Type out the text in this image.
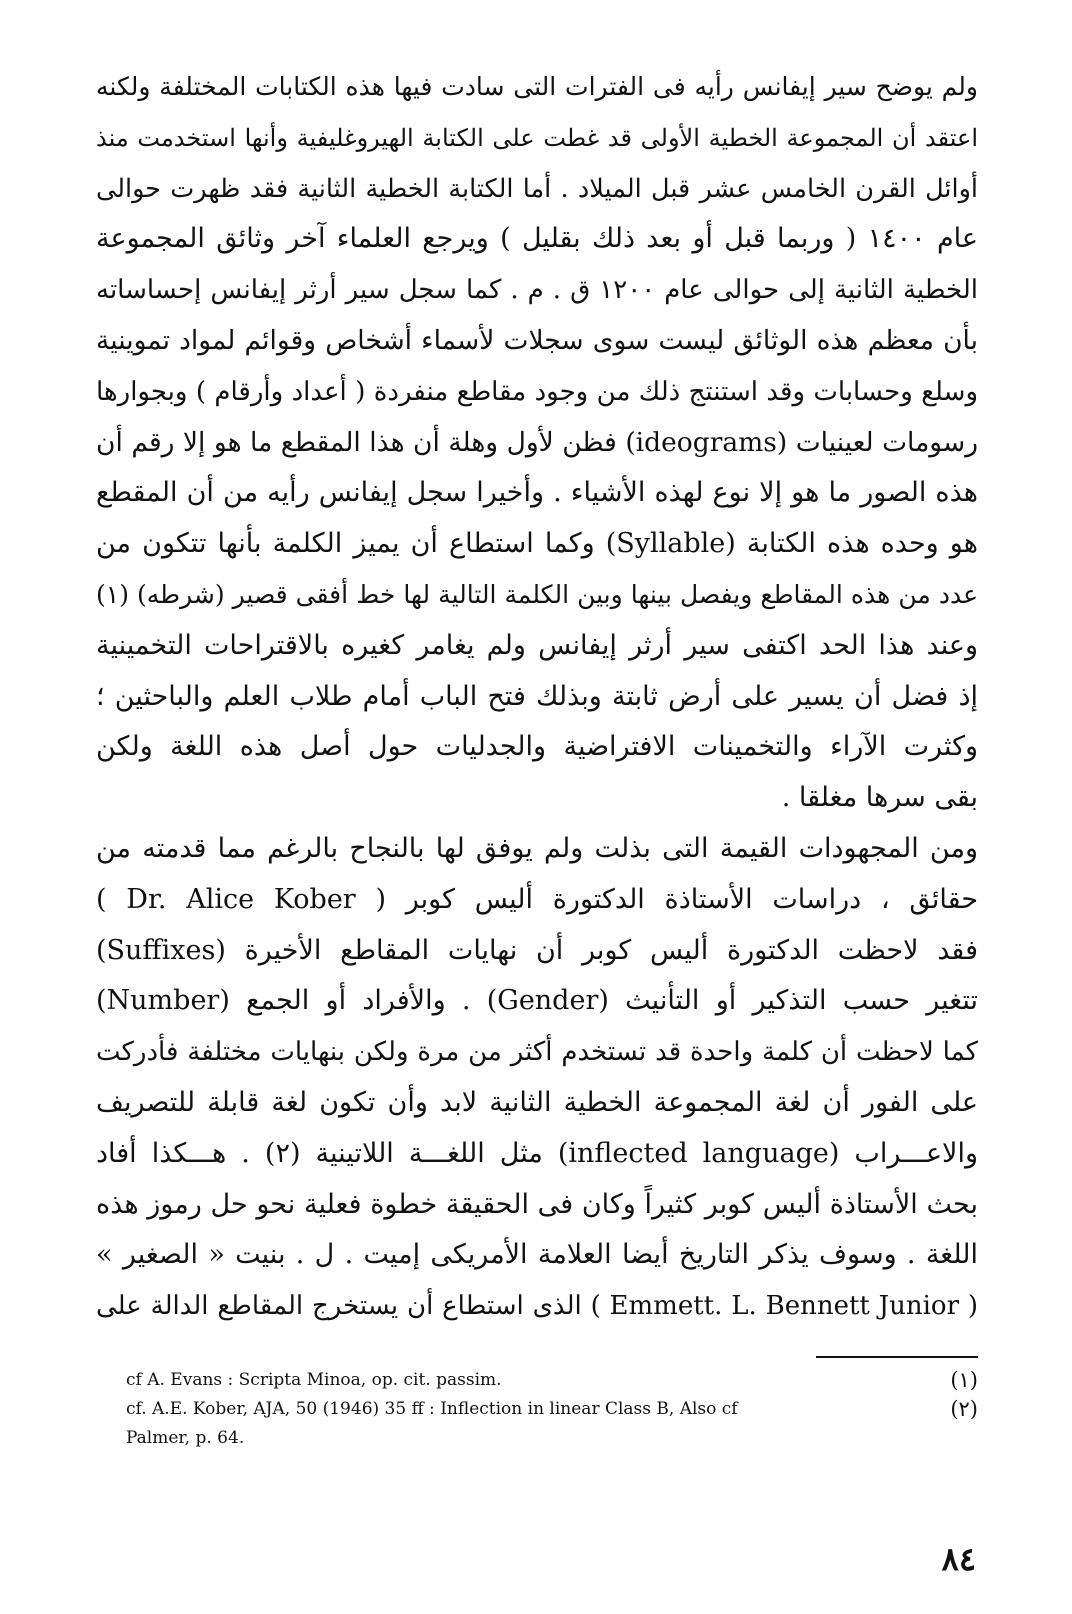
ولم يوضح سير إيفانس رأيه فى الفترات التى سادت فيها هذه الكتابات المختلفة ولكنه
اعتقد أن المجموعة الخطية الأولى قد غطت على الكتابة الهيروغليفية وأنها استخدمت منذ
أوائل القرن الخامس عشر قبل الميلاد . أما الكتابة الخطية الثانية فقد ظهرت حوالى
عام ١٤٠٠ ( وربما قبل أو بعد ذلك بقليل ) ويرجع العلماء آخر وثائق المجموعة
الخطية الثانية إلى حوالى عام ١٢٠٠ ق . م . كما سجل سير أرثر إيفانس إحساساته
بأن معظم هذه الوثائق ليست سوى سجلات لأسماء أشخاص وقوائم لمواد تموينية
وسلع وحسابات وقد استنتج ذلك من وجود مقاطع منفردة ( أعداد وأرقام ) وبجوارها
رسومات لعينيات (ideograms) فظن لأول وهلة أن هذا المقطع ما هو إلا رقم أن
هذه الصور ما هو إلا نوع لهذه الأشياء . وأخيرا سجل إيفانس رأيه من أن المقطع
هو وحده هذه الكتابة (Syllable) وكما استطاع أن يميز الكلمة بأنها تتكون من
عدد من هذه المقاطع ويفصل بينها وبين الكلمة التالية لها خط أفقى قصير (شرطه) (١)
وعند هذا الحد اكتفى سير أرثر إيفانس ولم يغامر كغيره بالاقتراحات التخمينية
إذ فضل أن يسير على أرض ثابتة وبذلك فتح الباب أمام طلاب العلم والباحثين ؛
وكثرت الآراء والتخمينات الافتراضية والجدليات حول أصل هذه اللغة ولكن
بقى سرها مغلقا .
ومن المجهودات القيمة التى بذلت ولم يوفق لها بالنجاح بالرغم مما قدمته من
حقائق ، دراسات الأستاذة الدكتورة أليس كوبر ( Dr. Alice Kober )
فقد لاحظت الدكتورة أليس كوبر أن نهايات المقاطع الأخيرة (Suffixes)
تتغير حسب التذكير أو التأنيث (Gender) . والأفراد أو الجمع (Number)
كما لاحظت أن كلمة واحدة قد تستخدم أكثر من مرة ولكن بنهايات مختلفة فأدركت
على الفور أن لغة المجموعة الخطية الثانية لابد وأن تكون لغة قابلة للتصريف
والاعـــراب (inflected language) مثل اللغـــة اللاتينية (٢) . هـــكذا أفاد
بحث الأستاذة أليس كوبر كثيراً وكان فى الحقيقة خطوة فعلية نحو حل رموز هذه
اللغة . وسوف يذكر التاريخ أيضا العلامة الأمريكى إميت . ل . بنيت « الصغير »
( Emmett. L. Bennett Junior ) الذى استطاع أن يستخرج المقاطع الدالة على
(١)
cf A. Evans : Scripta Minoa, op. cit. passim.
(٢)
cf. A.E. Kober, AJA, 50 (1946) 35 ff : Inflection in linear Class B, Also cf
Palmer, p. 64.
٨٤
